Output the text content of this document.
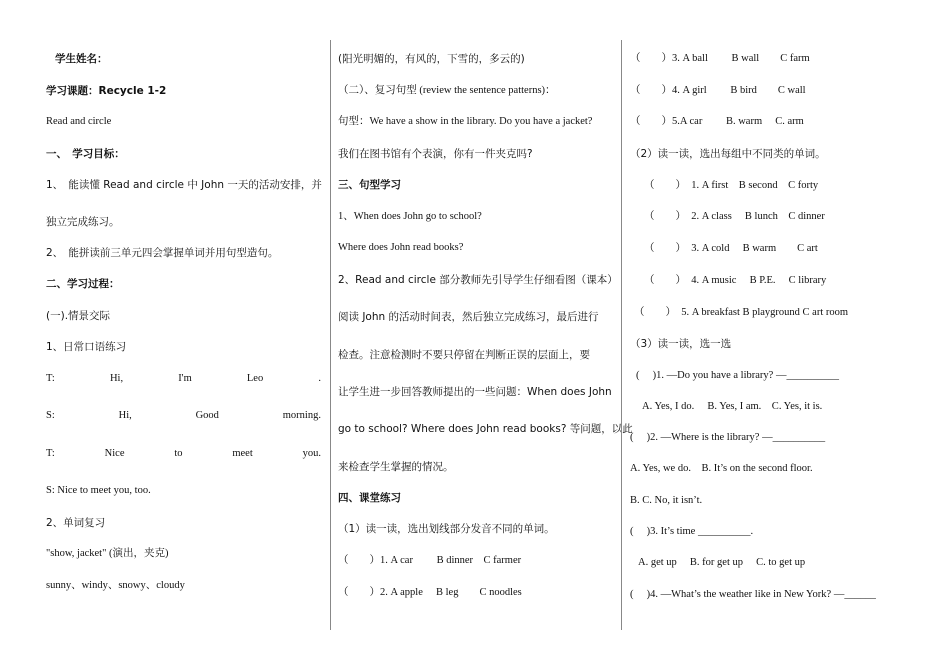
学生姓名：
学习课题：Recycle 1-2
Read and circle
一、　学习目标：
1、　能读懂 Read and circle 中 John 一天的活动安排，并
独立完成练习。
2、　能拼读前三单元四会掌握单词并用句型造句。
二、学习过程：
(一).情景交际
1、日常口语练习
T:	Hi,	I'm	Leo	.
S:	Hi,	Good	morning.
T:	Nice	to	meet	you.
S: Nice to meet you, too.
2、单词复习
"show, jacket" (演出，夹克)
sunny、windy、snowy、cloudy
(阳光明媚的，有风的，下雪的，多云的)
（二）、复习句型 (review the sentence patterns)：
句型：We have a show in the library. Do you have a jacket?
我们在图书馆有个表演，你有一件夹克吗?
三、句型学习
1、When does John go to school?
Where does John read books?
2、Read and circle 部分教师先引导学生仔细看图（课本）
阅读 John 的活动时间表，然后独立完成练习，最后进行
检查。注意检测时不要只停留在判断正误的层面上，要
让学生进一步回答教师提出的一些问题：When does John
go to school? Where does John read books? 等问题，以此
来检查学生掌握的情况。
四、课堂练习
（1）读一读，选出划线部分发音不同的单词。
（　　）1. A car　　 B dinner　C farmer
（　　）2. A apple　 B leg　　C noodles
（　　）3. A ball　　 B wall　　C farm
（　　）4. A girl　　 B bird　　C wall
（　　）5.A car　　 B. warm　 C. arm
（2）读一读，选出每组中不同类的单词。
（　　）　1. A first　B second　C forty
（　　）　2. A class　 B lunch　C dinner
（　　）　3. A cold　 B warm　　C art
（　　）　4. A music　 B P.E.　 C library
（　　）　5. A breakfast B playground C art room
（3）读一读，选一选
(　 )1. —Do you have a library? —__________
A. Yes, I do.　 B. Yes, I am.　C. Yes, it is.
(　 )2. —Where is the library? —__________
A. Yes, we do.　B. It’s on the second floor.
B. C. No, it isn’t.
(　 )3. It’s time __________.
A. get up　 B. for get up　 C. to get up
(　 )4. —What’s the weather like in New York? —______
